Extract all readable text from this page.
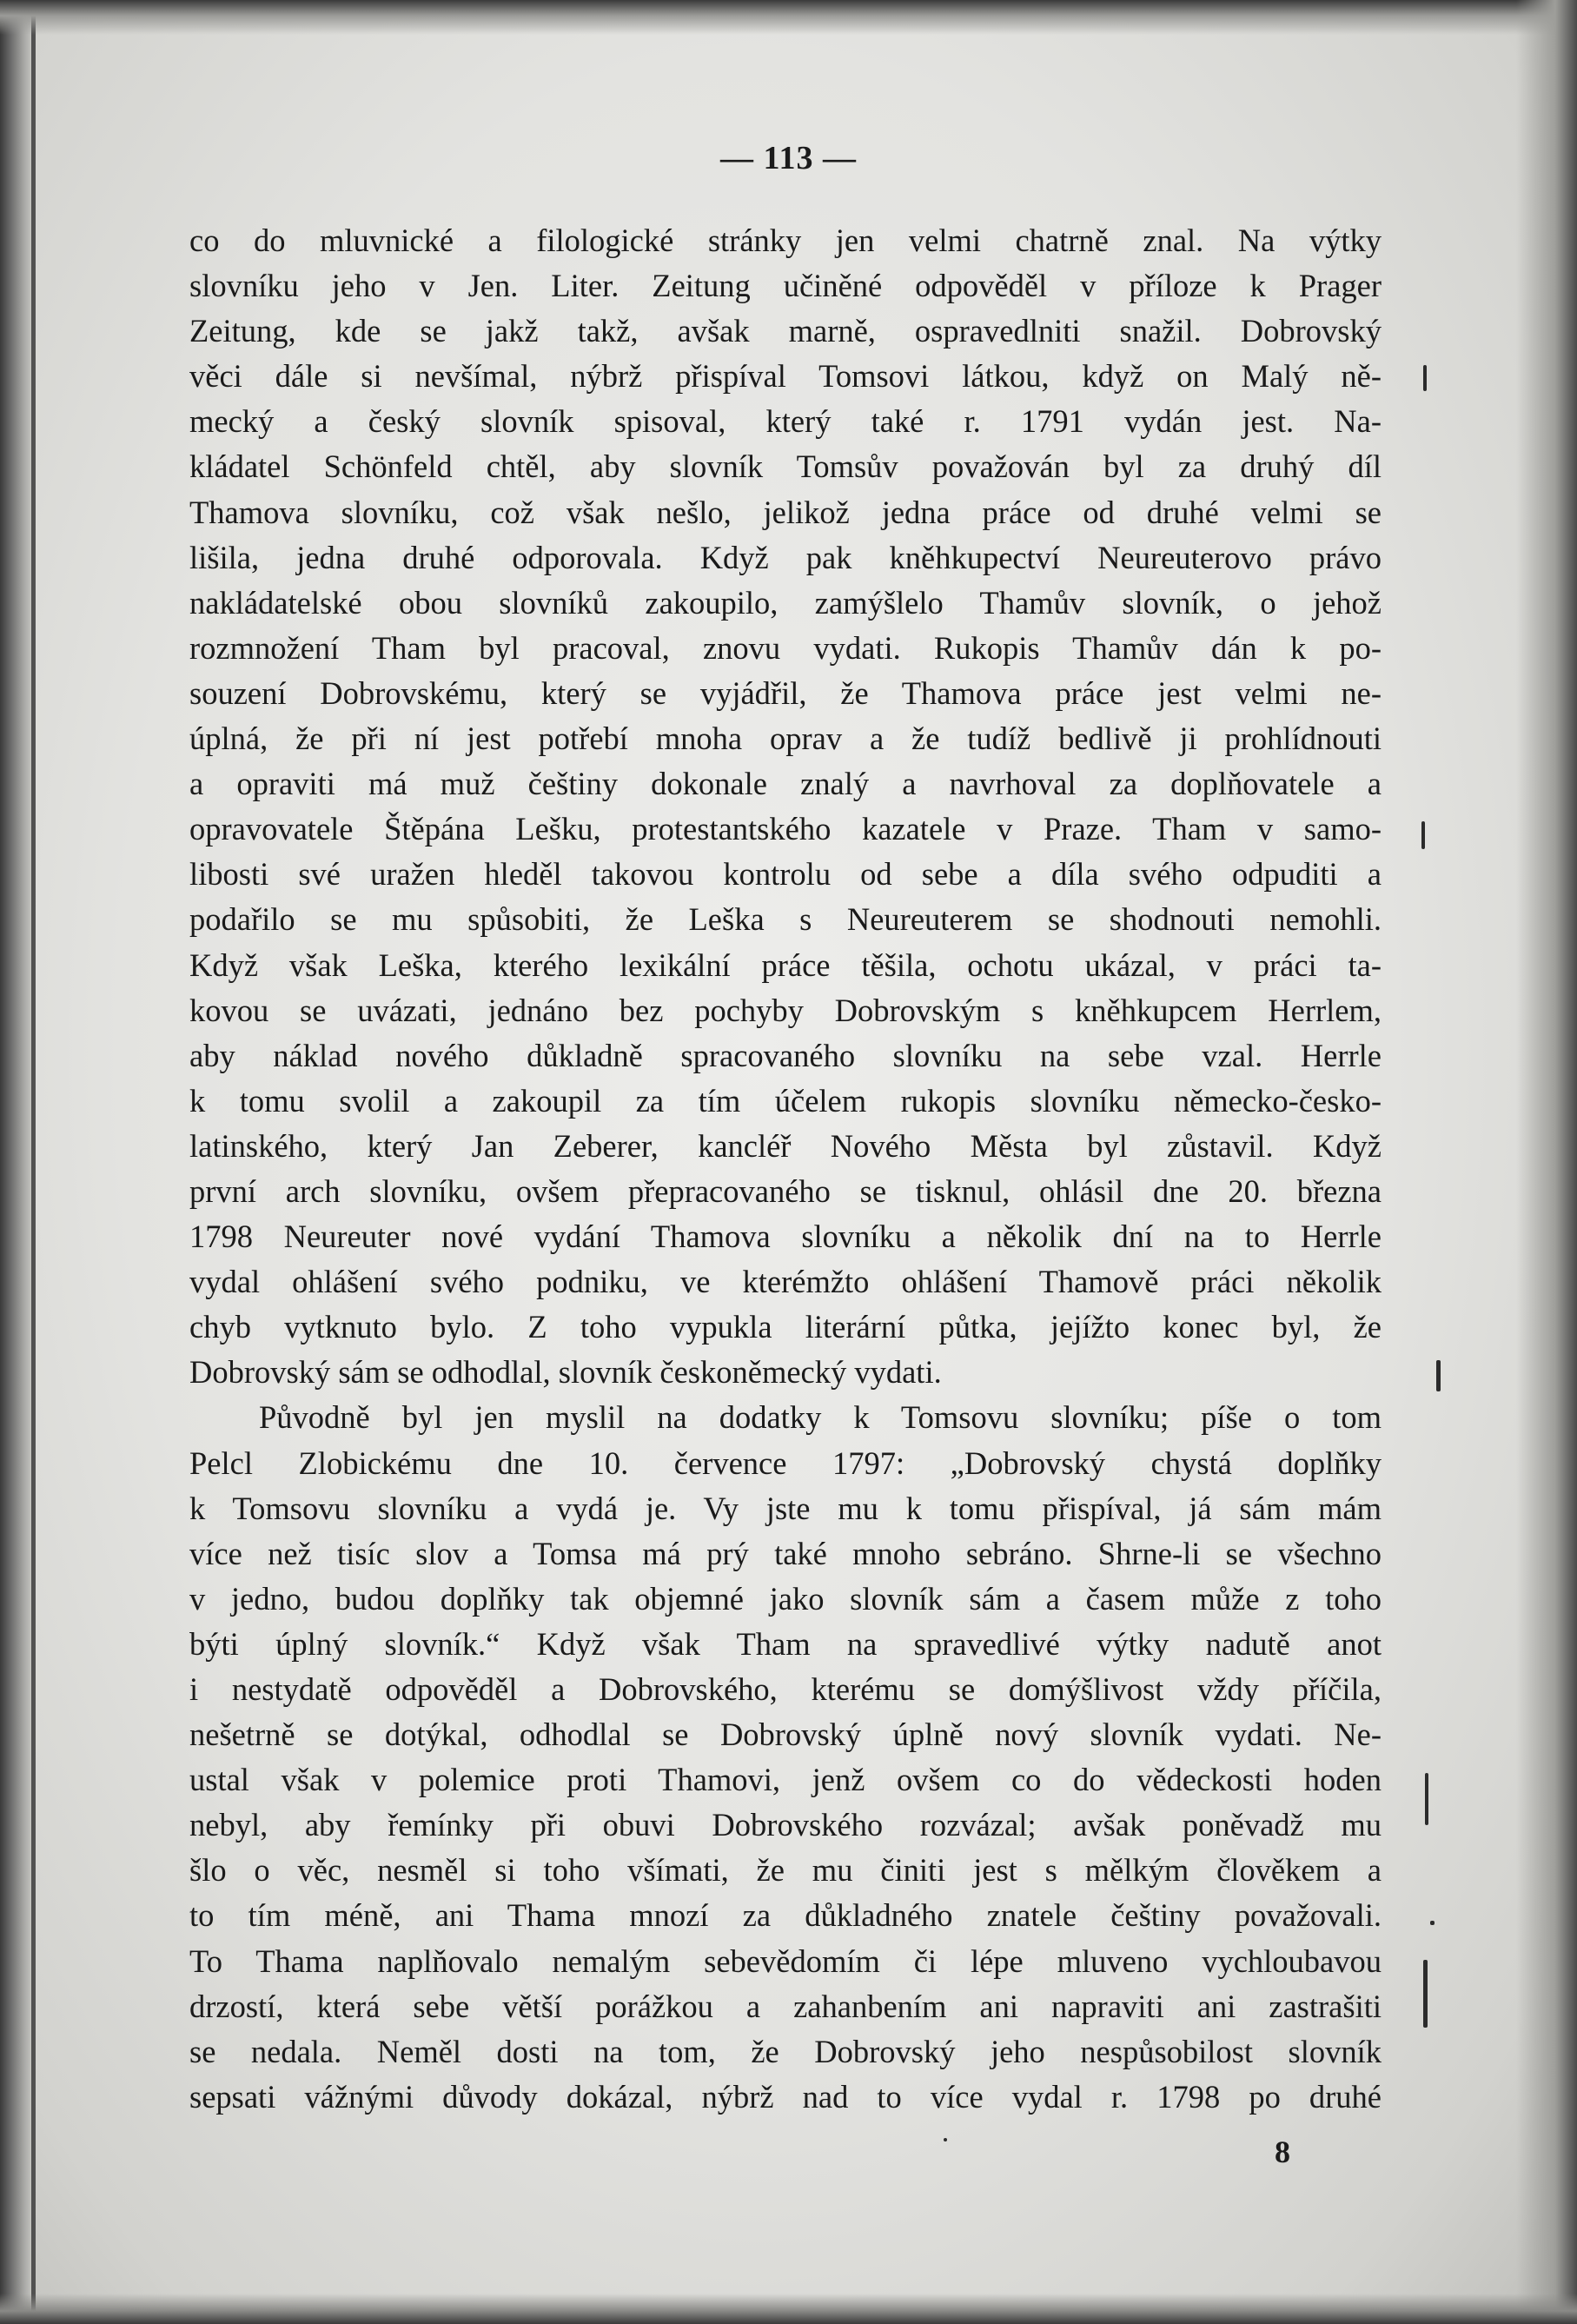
— 113 —
co do mluvnické a filologické stránky jen velmi chatrně znal. Na výtky
slovníku jeho v Jen. Liter. Zeitung učiněné odpověděl v příloze k Prager
Zeitung, kde se jakž takž, avšak marně, ospravedlniti snažil. Dobrovský
věci dále si nevšímal, nýbrž přispíval Tomsovi látkou, když on Malý ně-
mecký a český slovník spisoval, který také r. 1791 vydán jest. Na-
kládatel Schönfeld chtěl, aby slovník Tomsův považován byl za druhý díl
Thamova slovníku, což však nešlo, jelikož jedna práce od druhé velmi se
lišila, jedna druhé odporovala. Když pak kněhkupectví Neureuterovo právo
nakládatelské obou slovníků zakoupilo, zamýšlelo Thamův slovník, o jehož
rozmnožení Tham byl pracoval, znovu vydati. Rukopis Thamův dán k po-
souzení Dobrovskému, který se vyjádřil, že Thamova práce jest velmi ne-
úplná, že při ní jest potřebí mnoha oprav a že tudíž bedlivě ji prohlídnouti
a opraviti má muž češtiny dokonale znalý a navrhoval za doplňovatele a
opravovatele Štěpána Lešku, protestantského kazatele v Praze. Tham v samo-
libosti své uražen hleděl takovou kontrolu od sebe a díla svého odpuditi a
podařilo se mu spůsobiti, že Leška s Neureuterem se shodnouti nemohli.
Když však Leška, kterého lexikální práce těšila, ochotu ukázal, v práci ta-
kovou se uvázati, jednáno bez pochyby Dobrovským s kněhkupcem Herrlem,
aby náklad nového důkladně spracovaného slovníku na sebe vzal. Herrle
k tomu svolil a zakoupil za tím účelem rukopis slovníku německo-česko-
latinského, který Jan Zeberer, kancléř Nového Města byl zůstavil. Když
první arch slovníku, ovšem přepracovaného se tisknul, ohlásil dne 20. března
1798 Neureuter nové vydání Thamova slovníku a několik dní na to Herrle
vydal ohlášení svého podniku, ve kterémžto ohlášení Thamově práci několik
chyb vytknuto bylo. Z toho vypukla literární půtka, jejížto konec byl, že
Dobrovský sám se odhodlal, slovník českoněmecký vydati.
Původně byl jen myslil na dodatky k Tomsovu slovníku; píše o tom
Pelcl Zlobickému dne 10. července 1797: „Dobrovský chystá doplňky
k Tomsovu slovníku a vydá je. Vy jste mu k tomu přispíval, já sám mám
více než tisíc slov a Tomsa má prý také mnoho sebráno. Shrne-li se všechno
v jedno, budou doplňky tak objemné jako slovník sám a časem může z toho
býti úplný slovník.“ Když však Tham na spravedlivé výtky nadutě anot
i nestydatě odpověděl a Dobrovského, kterému se domýšlivost vždy příčila,
nešetrně se dotýkal, odhodlal se Dobrovský úplně nový slovník vydati. Ne-
ustal však v polemice proti Thamovi, jenž ovšem co do vědeckosti hoden
nebyl, aby řemínky při obuvi Dobrovského rozvázal; avšak poněvadž mu
šlo o věc, nesměl si toho všímati, že mu činiti jest s mělkým člověkem a
to tím méně, ani Thama mnozí za důkladného znatele češtiny považovali.
To Thama naplňovalo nemalým sebevědomím či lépe mluveno vychloubavou
drzostí, která sebe větší porážkou a zahanbením ani napraviti ani zastrašiti
se nedala. Neměl dosti na tom, že Dobrovský jeho nespůsobilost slovník
sepsati vážnými důvody dokázal, nýbrž nad to více vydal r. 1798 po druhé
8
